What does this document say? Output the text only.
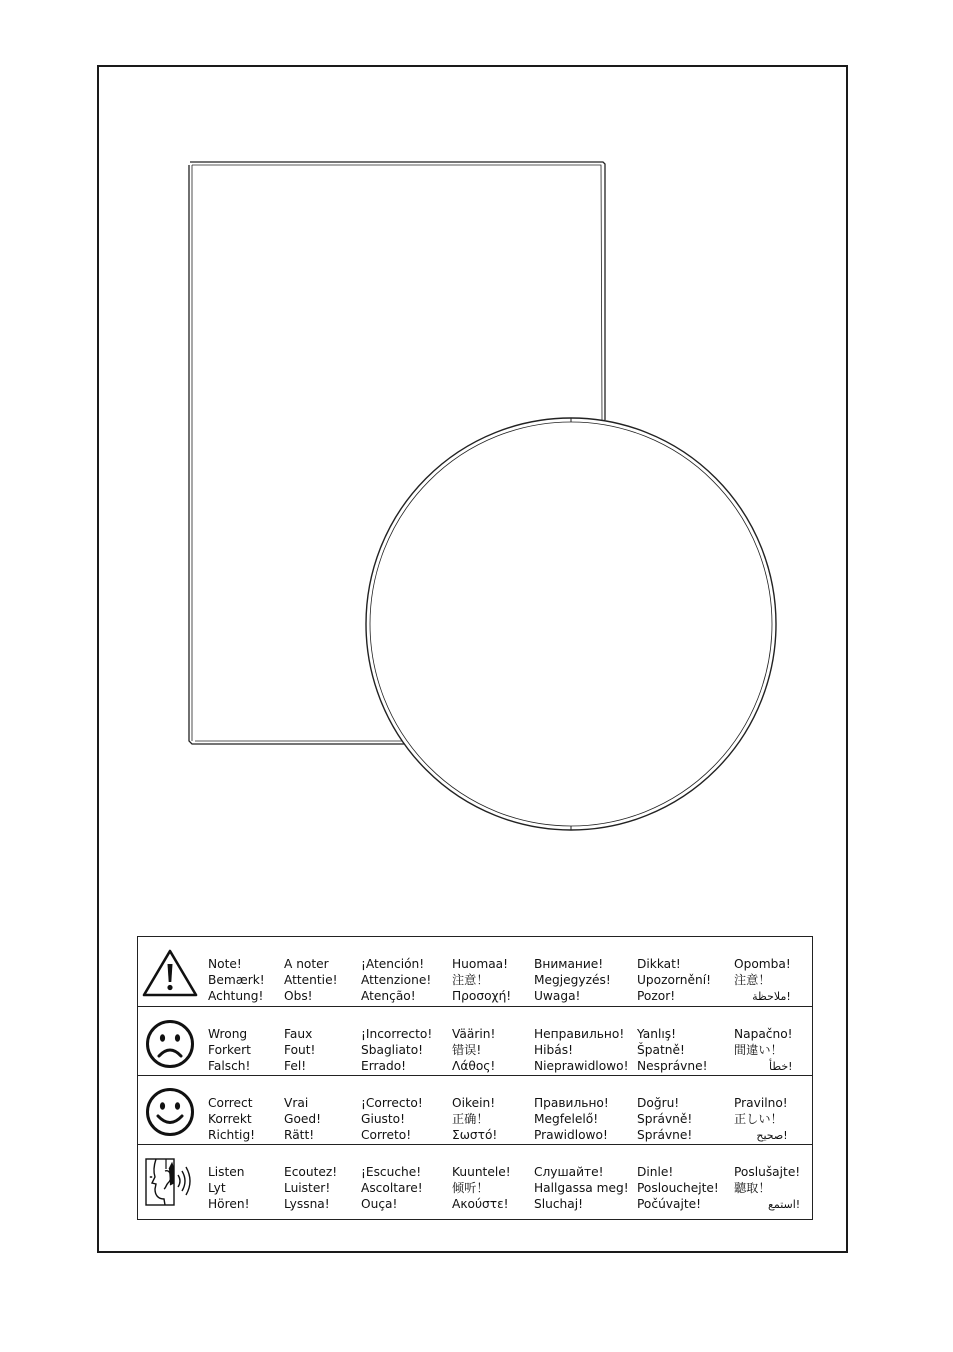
Note!
Bemærk!
Achtung!
A noter
Attentie!
Obs!
¡Atención!
Attenzione!
Atenção!
Huomaa!
注意！
Προσοχή!
Внимание!
Megjegyzés!
Uwaga!
Dikkat!
Upozornění!
Pozor!
Opomba!
注意！
!ملاحظة
Wrong
Forkert
Falsch!
Faux
Fout!
Fel!
¡Incorrecto!
Sbagliato!
Errado!
Väärin!
错误!
Λάθος!
Неправильно!
Hibás!
Nieprawidlowo!
Yanlış!
Špatně!
Nesprávne!
Napačno!
間違い！
!خطأ
Correct
Korrekt
Richtig!
Vrai
Goed!
Rätt!
¡Correcto!
Giusto!
Correto!
Oikein!
正确！
Σωστό!
Правильно!
Megfelelő!
Prawidlowo!
Doğru!
Správně!
Správne!
Pravilno!
正しい！
!صحيح
Listen
Lyt
Hören!
Ecoutez!
Luister!
Lyssna!
¡Escuche!
Ascoltare!
Ouça!
Kuuntele!
倾听！
Ακούστε!
Слушайте!
Hallgassa meg!
Sluchaj!
Dinle!
Poslouchejte!
Počúvajte!
Poslušajte!
聽取！
!استمع
